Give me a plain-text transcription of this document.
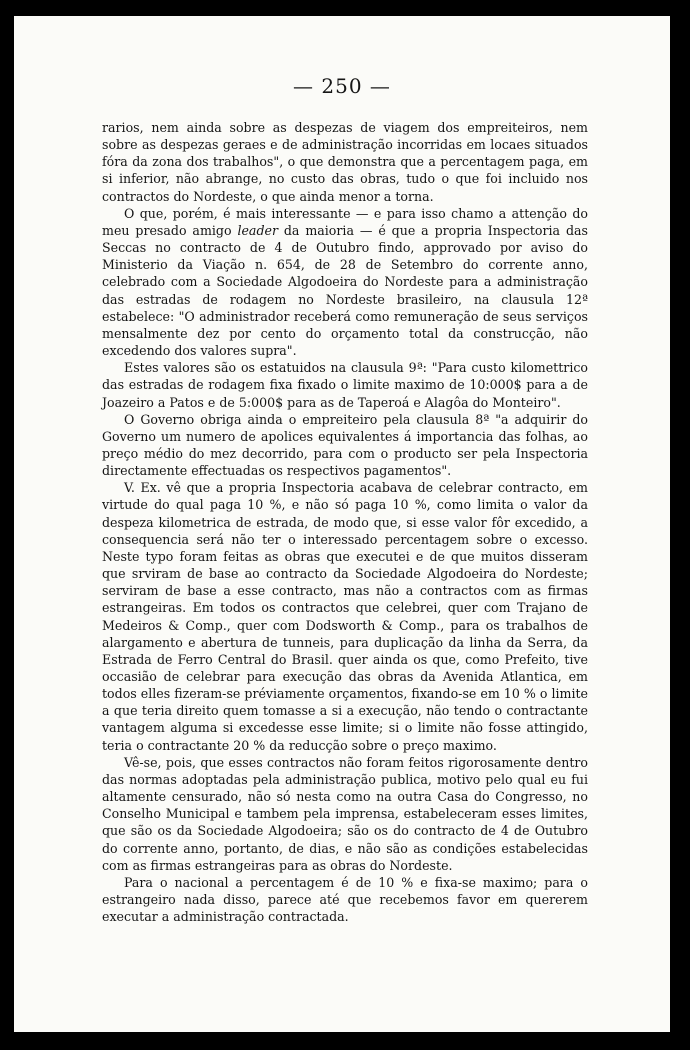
— 250 —

rarios, nem ainda sobre as despezas de viagem dos empreiteiros, nem sobre as despezas geraes e de administração incorridas em locaes situados fóra da zona dos trabalhos", o que demonstra que a percentagem paga, em si inferior, não abrange, no custo das obras, tudo o que foi incluido nos contractos do Nordeste, o que ainda menor a torna.

O que, porém, é mais interessante — e para isso chamo a attenção do meu presado amigo leader da maioria — é que a propria Inspectoria das Seccas no contracto de 4 de Outubro findo, approvado por aviso do Ministerio da Viação n. 654, de 28 de Setembro do corrente anno, celebrado com a Sociedade Algodoeira do Nordeste para a administração das estradas de rodagem no Nordeste brasileiro, na clausula 12ª estabelece: "O administrador receberá como remuneração de seus serviços mensalmente dez por cento do orçamento total da construcção, não excedendo dos valores supra".

Estes valores são os estatuidos na clausula 9ª: "Para custo kilomettrico das estradas de rodagem fixa fixado o limite maximo de 10:000$ para a de Joazeiro a Patos e de 5:000$ para as de Taperoá e Alagôa do Monteiro".

O Governo obriga ainda o empreiteiro pela clausula 8ª "a adquirir do Governo um numero de apolices equivalentes á importancia das folhas, ao preço médio do mez decorrido, para com o producto ser pela Inspectoria directamente effectuadas os respectivos pagamentos".

V. Ex. vê que a propria Inspectoria acabava de celebrar contracto, em virtude do qual paga 10 %, e não só paga 10 %, como limita o valor da despeza kilometrica de estrada, de modo que, si esse valor fôr excedido, a consequencia será não ter o interessado percentagem sobre o excesso. Neste typo foram feitas as obras que executei e de que muitos disseram que srviram de base ao contracto da Sociedade Algodoeira do Nordeste; serviram de base a esse contracto, mas não a contractos com as firmas estrangeiras. Em todos os contractos que celebrei, quer com Trajano de Medeiros & Comp., quer com Dodsworth & Comp., para os trabalhos de alargamento e abertura de tunneis, para duplicação da linha da Serra, da Estrada de Ferro Central do Brasil. quer ainda os que, como Prefeito, tive occasião de celebrar para execução das obras da Avenida Atlantica, em todos elles fizeram-se préviamente orçamentos, fixando-se em 10 % o limite a que teria direito quem tomasse a si a execução, não tendo o contractante vantagem alguma si excedesse esse limite; si o limite não fosse attingido, teria o contractante 20 % da reducção sobre o preço maximo.

Vê-se, pois, que esses contractos não foram feitos rigorosamente dentro das normas adoptadas pela administração publica, motivo pelo qual eu fui altamente censurado, não só nesta como na outra Casa do Congresso, no Conselho Municipal e tambem pela imprensa, estabeleceram esses limites, que são os da Sociedade Algodoeira; são os do contracto de 4 de Outubro do corrente anno, portanto, de dias, e não são as condições estabelecidas com as firmas estrangeiras para as obras do Nordeste.

Para o nacional a percentagem é de 10 % e fixa-se maximo; para o estrangeiro nada disso, parece até que recebemos favor em quererem executar a administração contractada.
